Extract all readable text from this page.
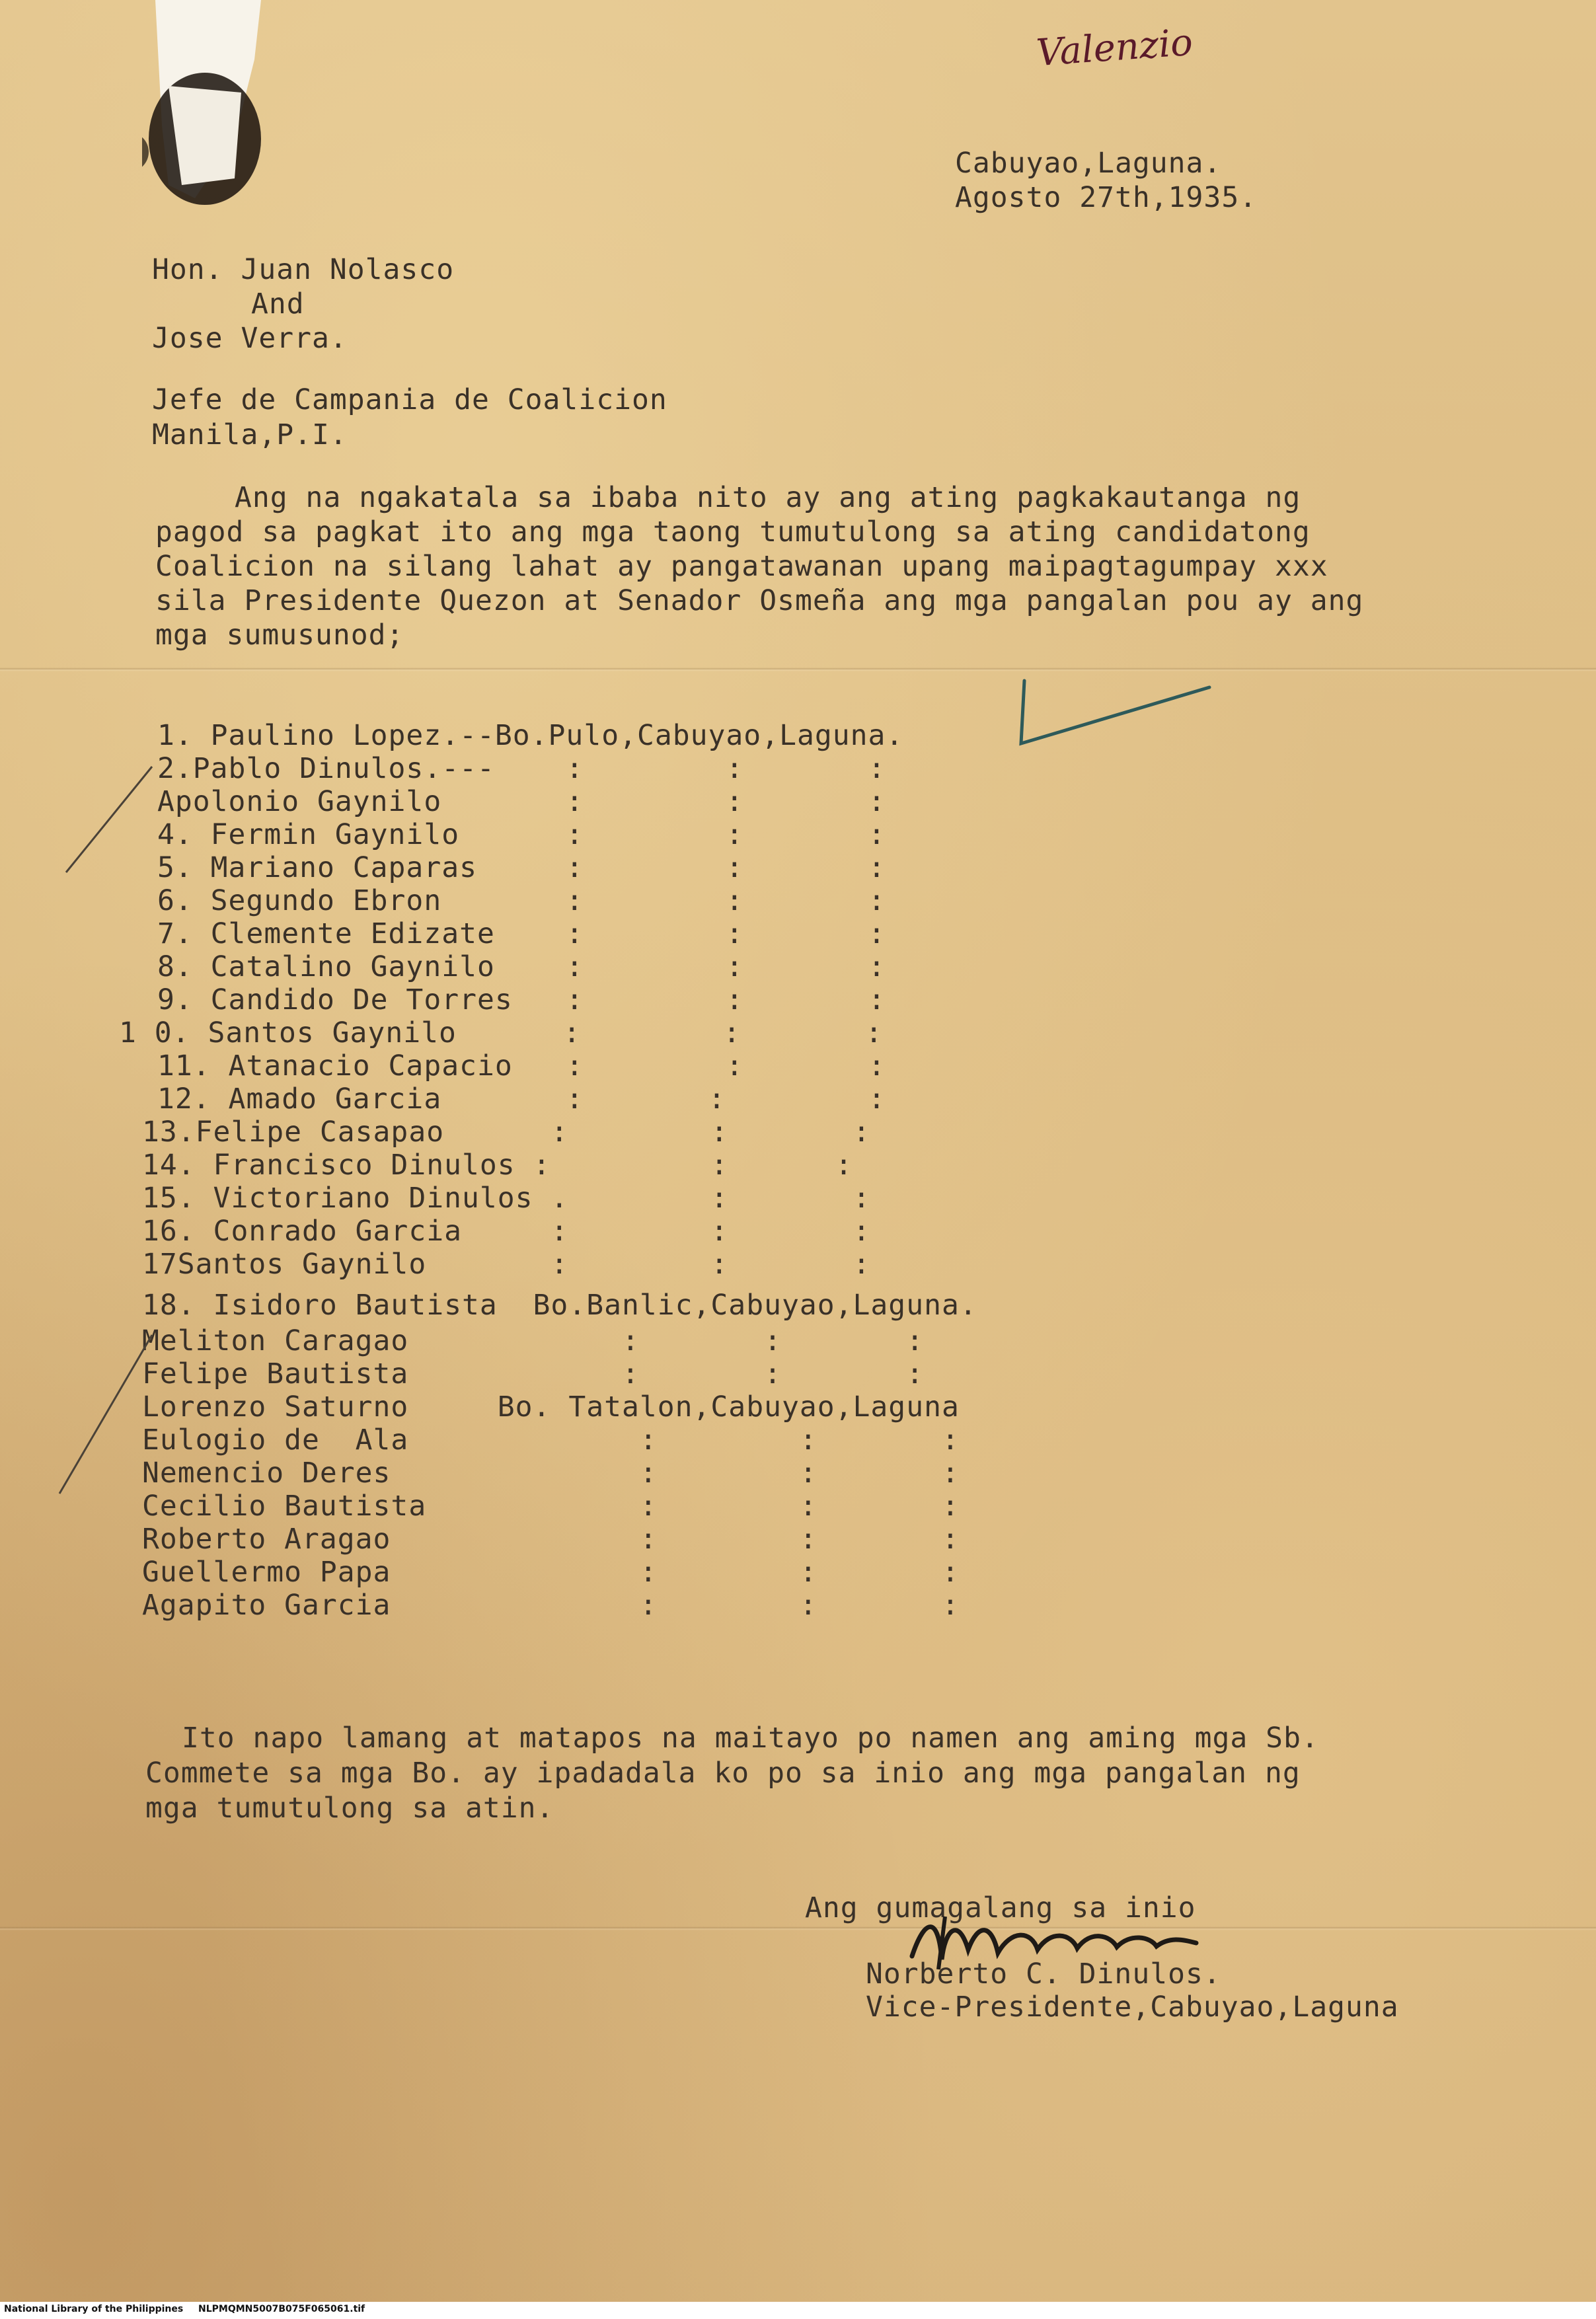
Valenzio
Cabuyao,Laguna.
Agosto 27th,1935.
Hon. Juan Nolasco
And
Jose Verra.
Jefe de Campania de Coalicion
Manila,P.I.
Ang na ngakatala sa ibaba nito ay ang ating pagkakautanga ng
pagod sa pagkat ito ang mga taong tumutulong sa ating candidatong
Coalicion na silang lahat ay pangatawanan upang maipagtagumpay xxx
sila Presidente Quezon at Senador Osmeña ang mga pangalan pou ay ang
mga sumusunod;
1. Paulino Lopez.--Bo.Pulo,Cabuyao,Laguna.
2.Pablo Dinulos.---    :        :       :
Apolonio Gaynilo       :        :       :
4. Fermin Gaynilo      :        :       :
5. Mariano Caparas     :        :       :
6. Segundo Ebron       :        :       :
7. Clemente Edizate    :        :       :
8. Catalino Gaynilo    :        :       :
9. Candido De Torres   :        :       :
1 0. Santos Gaynilo      :        :       :
11. Atanacio Capacio   :        :       :
12. Amado Garcia       :       :        :
13.Felipe Casapao      :        :       :
14. Francisco Dinulos :         :      :
15. Victoriano Dinulos .        :       :
16. Conrado Garcia     :        :       :
17Santos Gaynilo       :        :       :
18. Isidoro Bautista  Bo.Banlic,Cabuyao,Laguna.
Meliton Caragao            :       :       :
Felipe Bautista            :       :       :
Lorenzo Saturno     Bo. Tatalon,Cabuyao,Laguna
Eulogio de  Ala             :        :       :
Nemencio Deres              :        :       :
Cecilio Bautista            :        :       :
Roberto Aragao              :        :       :
Guellermo Papa              :        :       :
Agapito Garcia              :        :       :
Ito napo lamang at matapos na maitayo po namen ang aming mga Sb.
Commete sa mga Bo. ay ipadadala ko po sa inio ang mga pangalan ng
mga tumutulong sa atin.
Ang gumagalang sa inio
Norberto C. Dinulos.
Vice-Presidente,Cabuyao,Laguna
National Library of the Philippines NLPMQMN5007B075F065061.tif
